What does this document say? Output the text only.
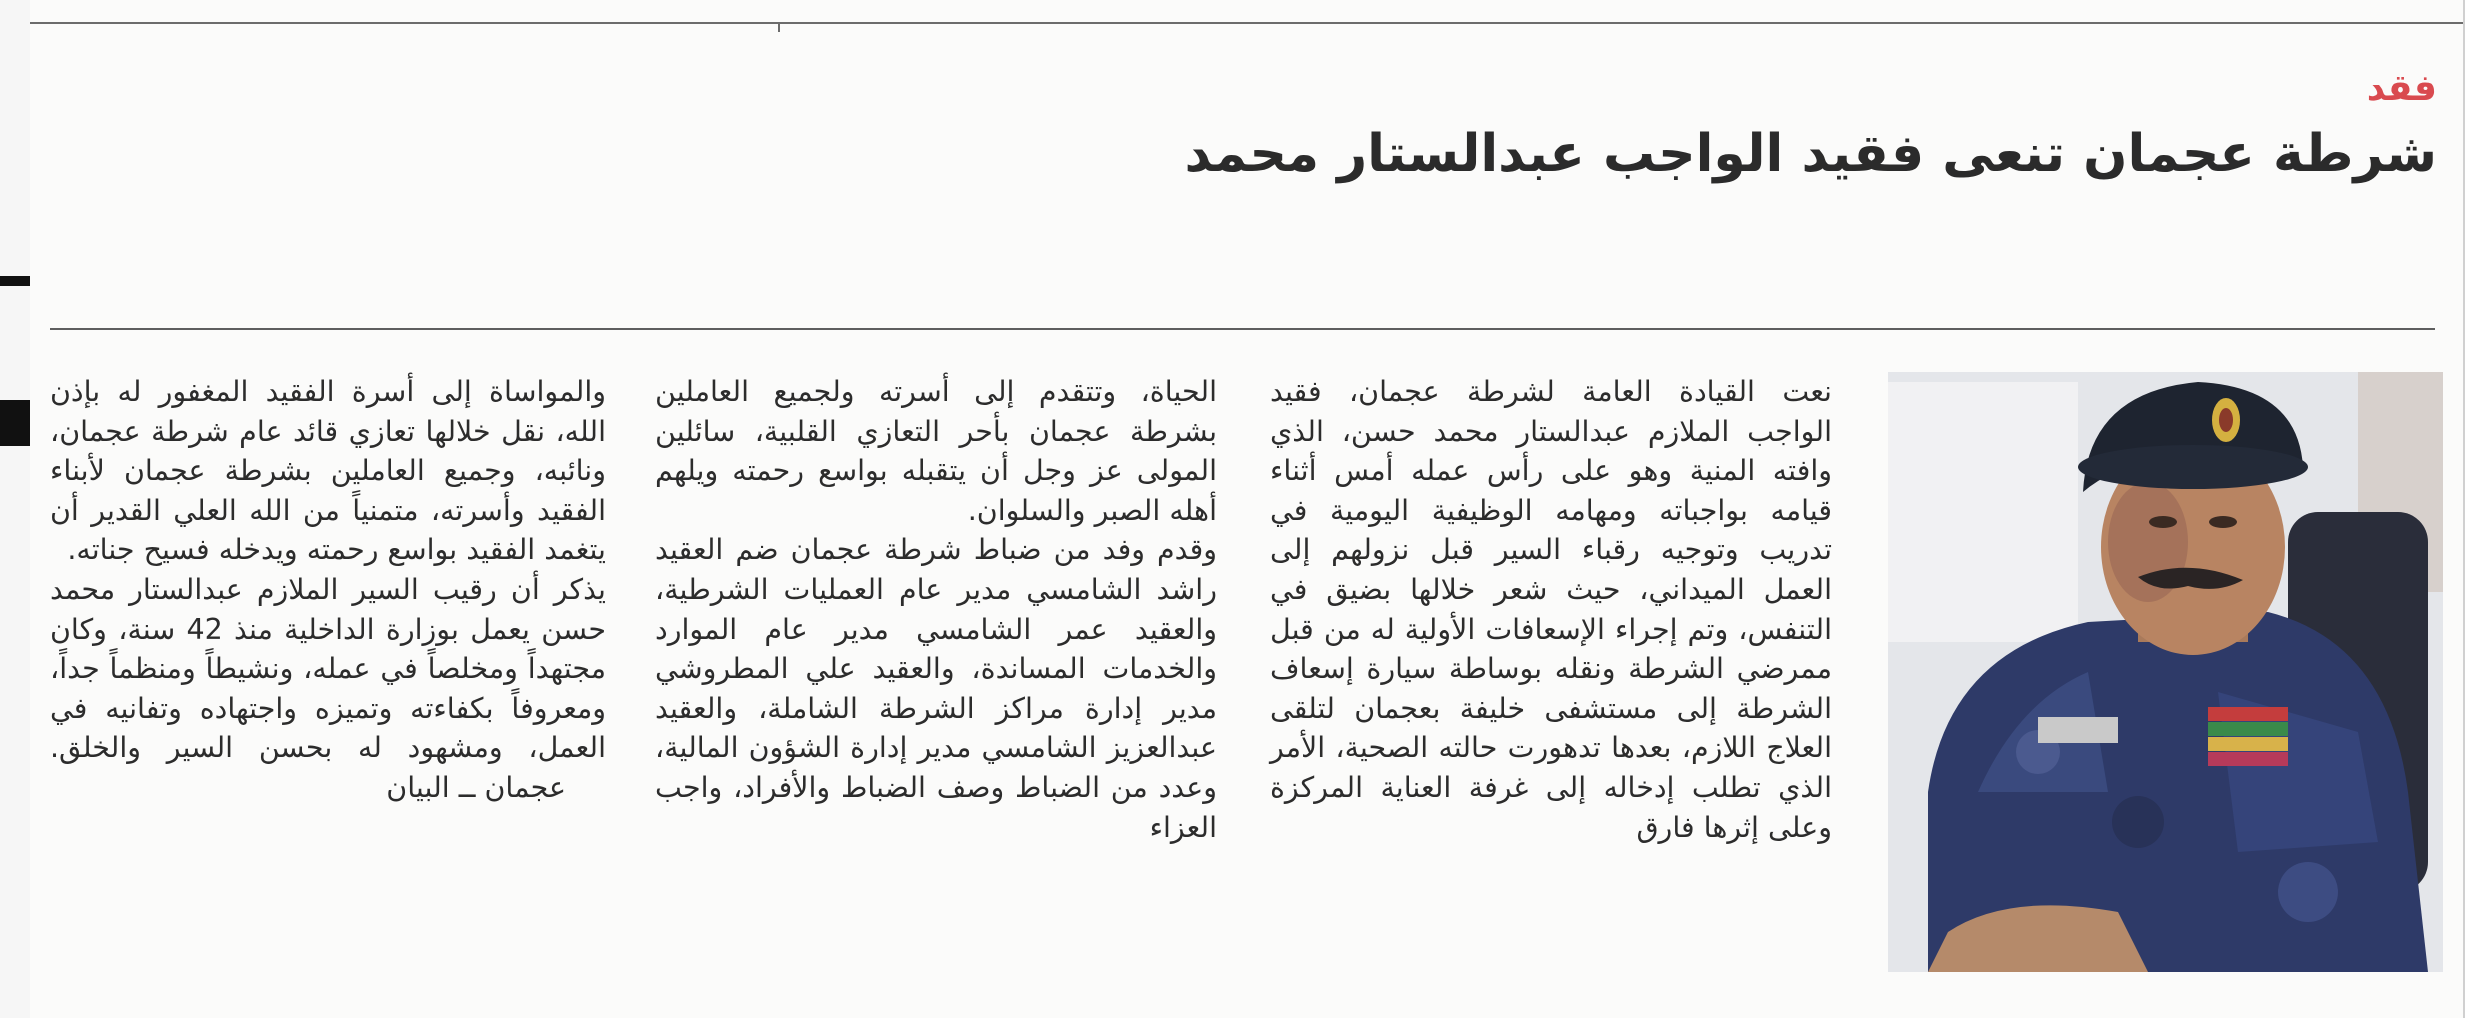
فقد
شرطة عجمان تنعى فقيد الواجب عبدالستار محمد

نعت القيادة العامة لشرطة عجمان، فقيد الواجب الملازم عبدالستار محمد حسن، الذي وافته المنية وهو على رأس عمله أمس أثناء قيامه بواجباته ومهامه الوظيفية اليومية في تدريب وتوجيه رقباء السير قبل نزولهم إلى العمل الميداني، حيث شعر خلالها بضيق في التنفس، وتم إجراء الإسعافات الأولية له من قبل ممرضي الشرطة ونقله بوساطة سيارة إسعاف الشرطة إلى مستشفى خليفة بعجمان لتلقى العلاج اللازم، بعدها تدهورت حالته الصحية، الأمر الذي تطلب إدخاله إلى غرفة العناية المركزة وعلى إثرها فارق

الحياة، وتتقدم إلى أسرته ولجميع العاملين بشرطة عجمان بأحر التعازي القلبية، سائلين المولى عز وجل أن يتقبله بواسع رحمته ويلهم أهله الصبر والسلوان.

وقدم وفد من ضباط شرطة عجمان ضم العقيد راشد الشامسي مدير عام العمليات الشرطية، والعقيد عمر الشامسي مدير عام الموارد والخدمات المساندة، والعقيد علي المطروشي مدير إدارة مراكز الشرطة الشاملة، والعقيد عبدالعزيز الشامسي مدير إدارة الشؤون المالية، وعدد من الضباط وصف الضباط والأفراد، واجب العزاء

والمواساة إلى أسرة الفقيد المغفور له بإذن الله، نقل خلالها تعازي قائد عام شرطة عجمان، ونائبه، وجميع العاملين بشرطة عجمان لأبناء الفقيد وأسرته، متمنياً من الله العلي القدير أن يتغمد الفقيد بواسع رحمته ويدخله فسيح جناته.

يذكر أن رقيب السير الملازم عبدالستار محمد حسن يعمل بوزارة الداخلية منذ 42 سنة، وكان مجتهداً ومخلصاً في عمله، ونشيطاً ومنظماً جداً، ومعروفاً بكفاءته وتميزه واجتهاده وتفانيه في العمل، ومشهود له بحسن السير والخلق. عجمان ــ البيان
